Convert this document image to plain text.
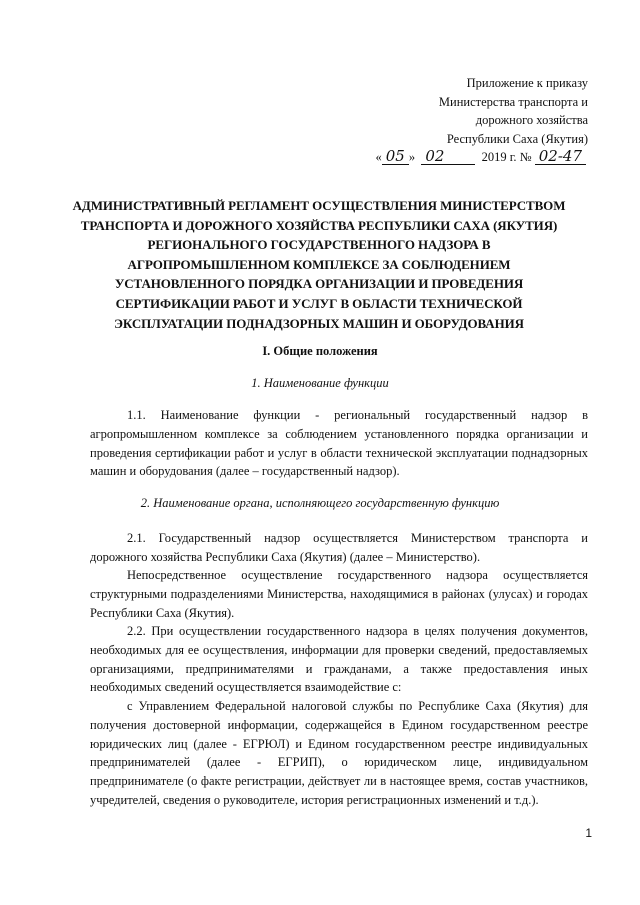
Приложение к приказу
Министерства транспорта и
дорожного хозяйства
Республики Саха (Якутия)
« 05 » 02	2019 г. № 02-47
АДМИНИСТРАТИВНЫЙ РЕГЛАМЕНТ ОСУЩЕСТВЛЕНИЯ МИНИСТЕРСТВОМ ТРАНСПОРТА И ДОРОЖНОГО ХОЗЯЙСТВА РЕСПУБЛИКИ САХА (ЯКУТИЯ) РЕГИОНАЛЬНОГО ГОСУДАРСТВЕННОГО НАДЗОРА В АГРОПРОМЫШЛЕННОМ КОМПЛЕКСЕ ЗА СОБЛЮДЕНИЕМ УСТАНОВЛЕННОГО ПОРЯДКА ОРГАНИЗАЦИИ И ПРОВЕДЕНИЯ СЕРТИФИКАЦИИ РАБОТ И УСЛУГ В ОБЛАСТИ ТЕХНИЧЕСКОЙ ЭКСПЛУАТАЦИИ ПОДНАДЗОРНЫХ МАШИН И ОБОРУДОВАНИЯ
I. Общие положения
1. Наименование функции
1.1. Наименование функции - региональный государственный надзор в агропромышленном комплексе за соблюдением установленного порядка организации и проведения сертификации работ и услуг в области технической эксплуатации поднадзорных машин и оборудования (далее – государственный надзор).
2. Наименование органа, исполняющего государственную функцию
2.1. Государственный надзор осуществляется Министерством транспорта и дорожного хозяйства Республики Саха (Якутия) (далее – Министерство).
Непосредственное осуществление государственного надзора осуществляется структурными подразделениями Министерства, находящимися в районах (улусах) и городах Республики Саха (Якутия).
2.2. При осуществлении государственного надзора в целях получения документов, необходимых для ее осуществления, информации для проверки сведений, предоставляемых организациями, предпринимателями и гражданами, а также предоставления иных необходимых сведений осуществляется взаимодействие с:
с Управлением Федеральной налоговой службы по Республике Саха (Якутия) для получения достоверной информации, содержащейся в Едином государственном реестре юридических лиц (далее - ЕГРЮЛ) и Едином государственном реестре индивидуальных предпринимателей (далее - ЕГРИП), о юридическом лице, индивидуальном предпринимателе (о факте регистрации, действует ли в настоящее время, состав участников, учредителей, сведения о руководителе, история регистрационных изменений и т.д.).
1
